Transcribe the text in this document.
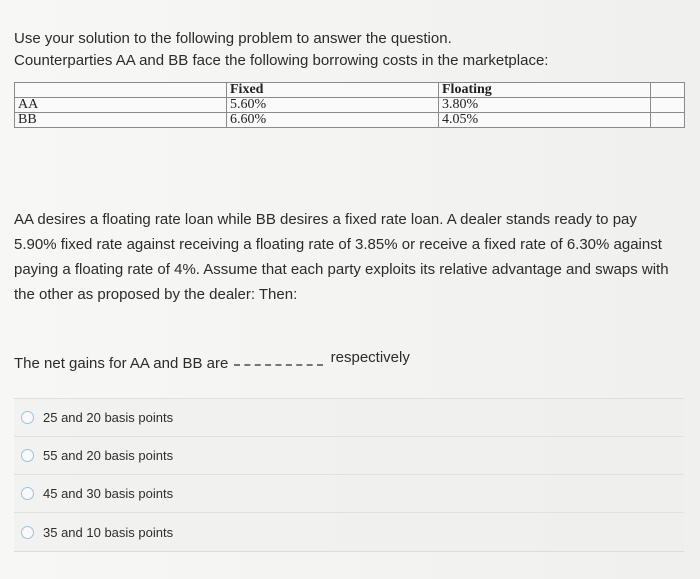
Use your solution to the following problem to answer the question.
Counterparties AA and BB face the following borrowing costs in the marketplace:
	Fixed	Floating	
AA	5.60%	3.80%	
BB	6.60%	4.05%	
AA desires a floating rate loan while BB desires a fixed rate loan. A dealer stands ready to pay
5.90% fixed rate against receiving a floating rate of 3.85% or receive a fixed rate of 6.30% against
paying a floating rate of 4%. Assume that each party exploits its relative advantage and swaps with
the other as proposed by the dealer: Then:
The net gains for AA and BB are	respectively
25 and 20 basis points
55 and 20 basis points
45 and 30 basis points
35 and 10 basis points
